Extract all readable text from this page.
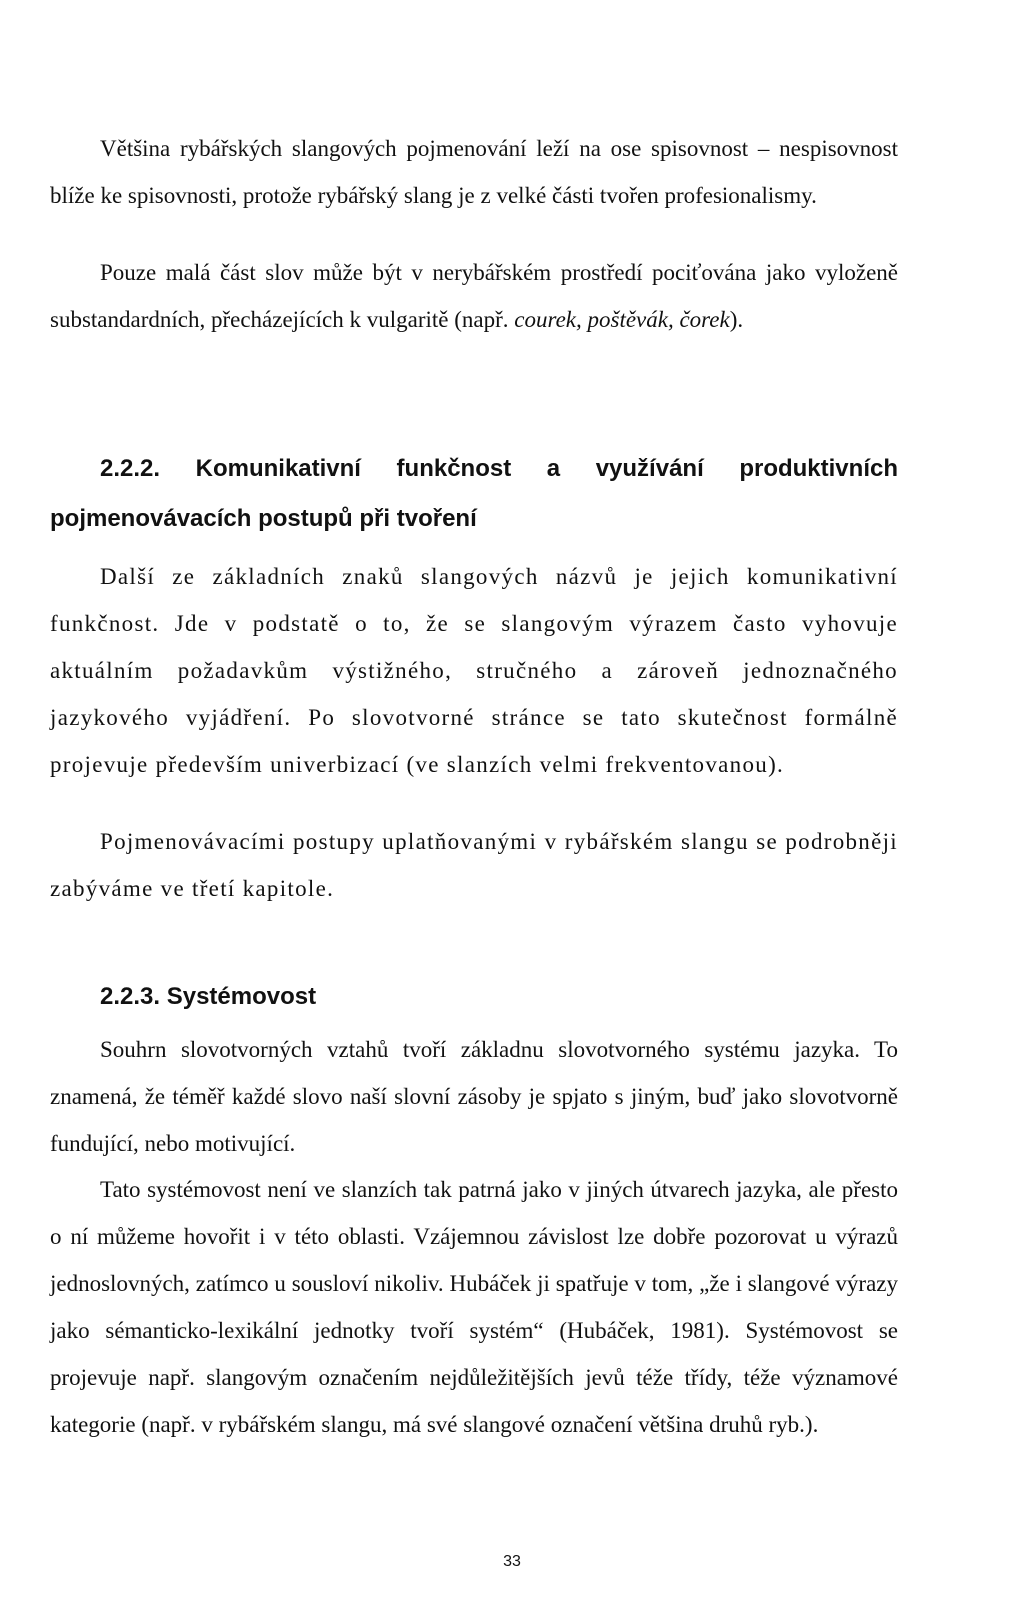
Většina rybářských slangových pojmenování leží na ose spisovnost – nespisovnost blíže ke spisovnosti, protože rybářský slang je z velké části tvořen profesionalismy.

Pouze malá část slov může být v nerybářském prostředí pociťována jako vyloženě substandardních, přecházejících k vulgaritě (např. courek, poštěvák, čorek).

2.2.2. Komunikativní funkčnost a využívání produktivních pojmenovávacích postupů při tvoření

Další ze základních znaků slangových názvů je jejich komunikativní funkčnost. Jde v podstatě o to, že se slangovým výrazem často vyhovuje aktuálním požadavkům výstižného, stručného a zároveň jednoznačného jazykového vyjádření. Po slovotvorné stránce se tato skutečnost formálně projevuje především univerbizací (ve slanzích velmi frekventovanou).

Pojmenovávacími postupy uplatňovanými v rybářském slangu se podrobněji zabýváme ve třetí kapitole.

2.2.3. Systémovost

Souhrn slovotvorných vztahů tvoří základnu slovotvorného systému jazyka. To znamená, že téměř každé slovo naší slovní zásoby je spjato s jiným, buď jako slovotvorně fundující, nebo motivující.

Tato systémovost není ve slanzích tak patrná jako v jiných útvarech jazyka, ale přesto o ní můžeme hovořit i v této oblasti. Vzájemnou závislost lze dobře pozorovat u výrazů jednoslovných, zatímco u sousloví nikoliv. Hubáček ji spatřuje v tom, „že i slangové výrazy jako sémanticko-lexikální jednotky tvoří systém“ (Hubáček, 1981). Systémovost se projevuje např. slangovým označením nejdůležitějších jevů téže třídy, téže významové kategorie (např. v rybářském slangu, má své slangové označení většina druhů ryb.).

33
